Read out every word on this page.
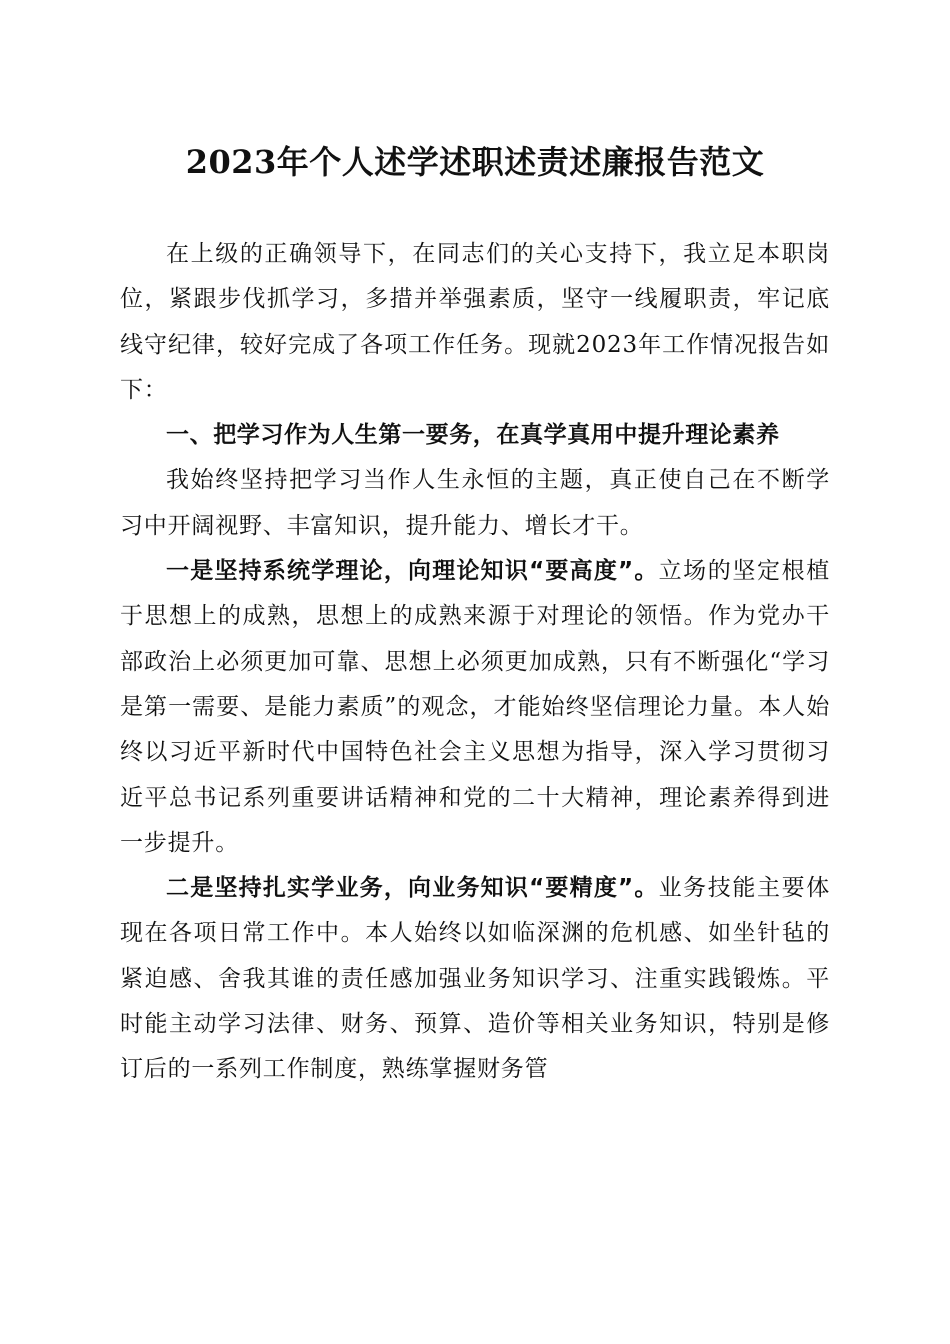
2023年个人述学述职述责述廉报告范文

在上级的正确领导下，在同志们的关心支持下，我立足本职岗位，紧跟步伐抓学习，多措并举强素质，坚守一线履职责，牢记底线守纪律，较好完成了各项工作任务。现就2023年工作情况报告如下：

一、把学习作为人生第一要务，在真学真用中提升理论素养

我始终坚持把学习当作人生永恒的主题，真正使自己在不断学习中开阔视野、丰富知识，提升能力、增长才干。

一是坚持系统学理论，向理论知识“要高度”。立场的坚定根植于思想上的成熟，思想上的成熟来源于对理论的领悟。作为党办干部政治上必须更加可靠、思想上必须更加成熟，只有不断强化“学习是第一需要、是能力素质”的观念，才能始终坚信理论力量。本人始终以习近平新时代中国特色社会主义思想为指导，深入学习贯彻习近平总书记系列重要讲话精神和党的二十大精神，理论素养得到进一步提升。

二是坚持扎实学业务，向业务知识“要精度”。业务技能主要体现在各项日常工作中。本人始终以如临深渊的危机感、如坐针毡的紧迫感、舍我其谁的责任感加强业务知识学习、注重实践锻炼。平时能主动学习法律、财务、预算、造价等相关业务知识，特别是修订后的一系列工作制度，熟练掌握财务管
